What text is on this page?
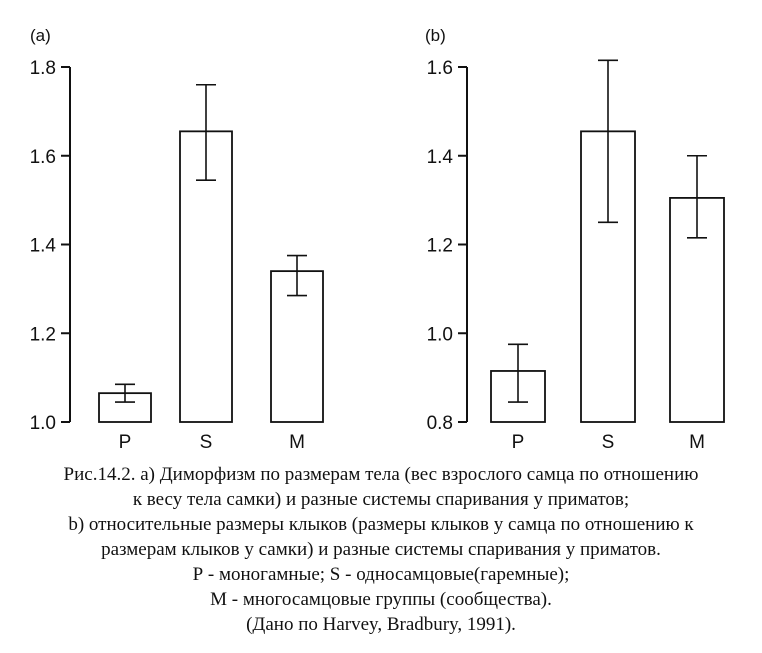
(a)
1.0
1.2
1.4
1.6
1.8
P	S	M
(b)
0.8
1.0
1.2
1.4
1.6
P	S	M
Рис.14.2. а) Диморфизм по размерам тела (вес взрослого самца по отношению
к весу тела самки) и разные системы спаривания у приматов;
b) относительные размеры клыков (размеры клыков у самца по отношению к
размерам клыков у самки) и разные системы спаривания у приматов.
Р - моногамные; S - односамцовые(гаремные);
М - многосамцовые группы (сообщества).
(Дано по Harvey, Bradbury, 1991).
